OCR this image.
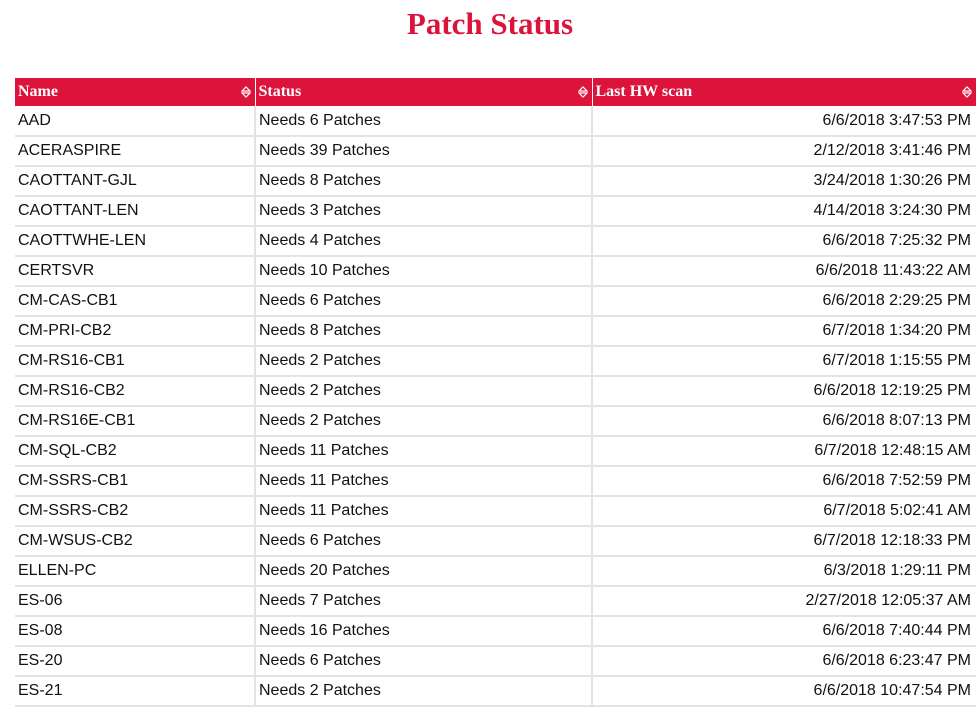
Patch Status
Name	Status	Last HW scan

AAD	Needs 6 Patches	6/6/2018 3:47:53 PM
ACERASPIRE	Needs 39 Patches	2/12/2018 3:41:46 PM
CAOTTANT-GJL	Needs 8 Patches	3/24/2018 1:30:26 PM
CAOTTANT-LEN	Needs 3 Patches	4/14/2018 3:24:30 PM
CAOTTWHE-LEN	Needs 4 Patches	6/6/2018 7:25:32 PM
CERTSVR	Needs 10 Patches	6/6/2018 11:43:22 AM
CM-CAS-CB1	Needs 6 Patches	6/6/2018 2:29:25 PM
CM-PRI-CB2	Needs 8 Patches	6/7/2018 1:34:20 PM
CM-RS16-CB1	Needs 2 Patches	6/7/2018 1:15:55 PM
CM-RS16-CB2	Needs 2 Patches	6/6/2018 12:19:25 PM
CM-RS16E-CB1	Needs 2 Patches	6/6/2018 8:07:13 PM
CM-SQL-CB2	Needs 11 Patches	6/7/2018 12:48:15 AM
CM-SSRS-CB1	Needs 11 Patches	6/6/2018 7:52:59 PM
CM-SSRS-CB2	Needs 11 Patches	6/7/2018 5:02:41 AM
CM-WSUS-CB2	Needs 6 Patches	6/7/2018 12:18:33 PM
ELLEN-PC	Needs 20 Patches	6/3/2018 1:29:11 PM
ES-06	Needs 7 Patches	2/27/2018 12:05:37 AM
ES-08	Needs 16 Patches	6/6/2018 7:40:44 PM
ES-20	Needs 6 Patches	6/6/2018 6:23:47 PM
ES-21	Needs 2 Patches	6/6/2018 10:47:54 PM
